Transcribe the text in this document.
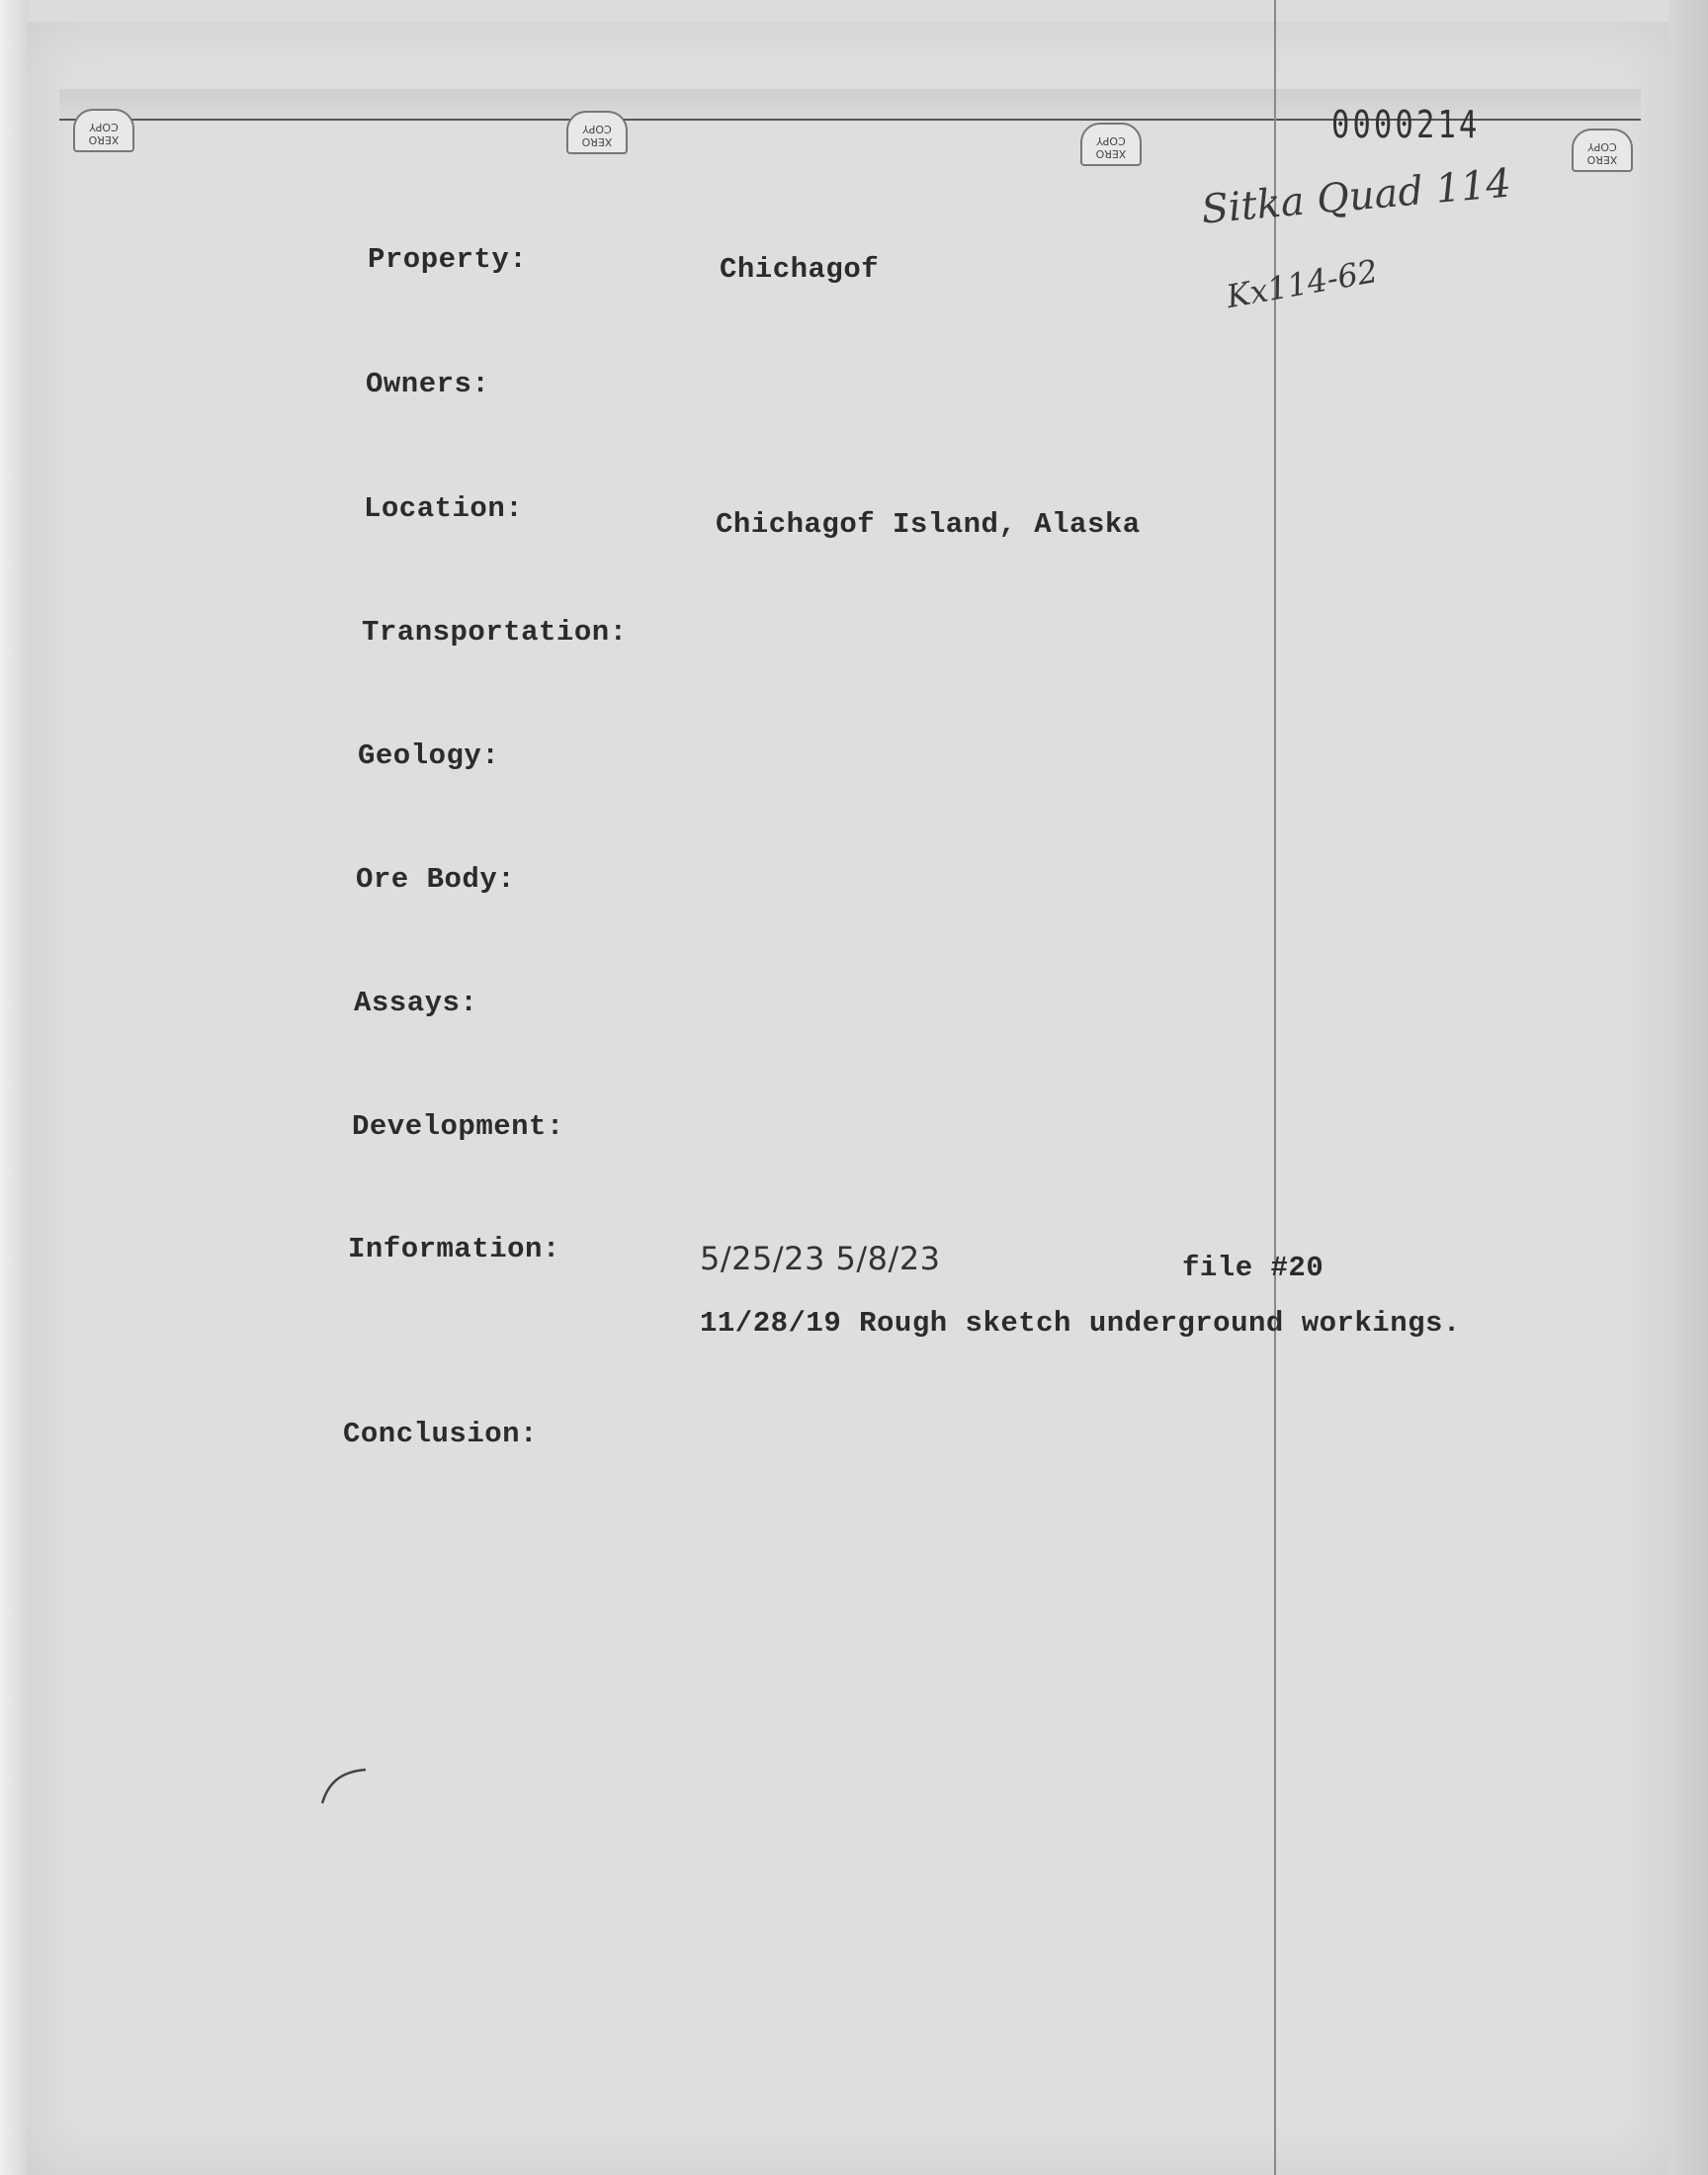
XERO COPY
XERO COPY
XERO COPY
XERO COPY
0000214
Sitka Quad 114
Kx114-62
Property:	Chichagof
Owners:
Location:	Chichagof Island, Alaska
Transportation:
Geology:
Ore Body:
Assays:
Development:
Information:	5/25/23 5/8/23	file #20
11/28/19 Rough sketch underground workings.
Conclusion:
